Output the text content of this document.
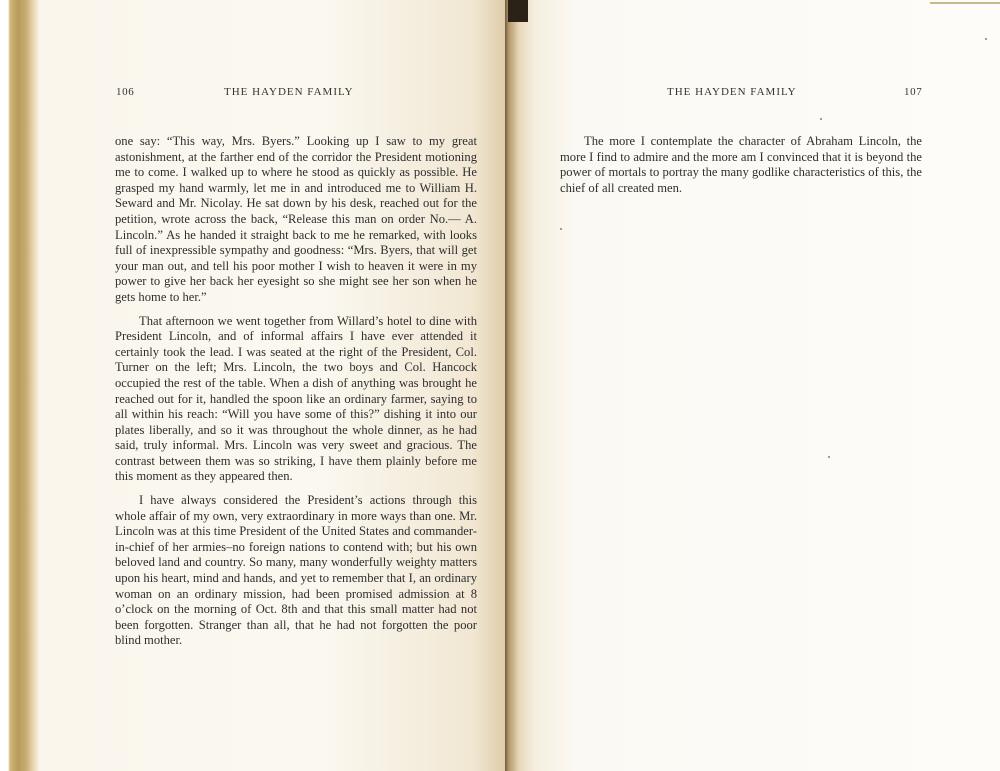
106	THE HAYDEN FAMILY	THE HAYDEN FAMILY	107

one say: “This way, Mrs. Byers.” Looking up I saw to my great astonishment, at the farther end of the corridor the President motioning me to come. I walked up to where he stood as quickly as possible. He grasped my hand warmly, let me in and introduced me to William H. Seward and Mr. Nicolay. He sat down by his desk, reached out for the petition, wrote across the back, “Release this man on order No.— A. Lincoln.” As he handed it straight back to me he remarked, with looks full of inexpressible sympathy and goodness: “Mrs. Byers, that will get your man out, and tell his poor mother I wish to heaven it were in my power to give her back her eyesight so she might see her son when he gets home to her.”

That afternoon we went together from Willard’s hotel to dine with President Lincoln, and of informal affairs I have ever attended it certainly took the lead. I was seated at the right of the President, Col. Turner on the left; Mrs. Lincoln, the two boys and Col. Hancock occupied the rest of the table. When a dish of anything was brought he reached out for it, handled the spoon like an ordinary farmer, saying to all within his reach: “Will you have some of this?” dishing it into our plates liberally, and so it was throughout the whole dinner, as he had said, truly informal. Mrs. Lincoln was very sweet and gracious. The contrast between them was so striking, I have them plainly before me this moment as they appeared then.

I have always considered the President’s actions through this whole affair of my own, very extraordinary in more ways than one. Mr. Lincoln was at this time President of the United States and commander-in-chief of her armies–no foreign nations to contend with; but his own beloved land and country. So many, many wonderfully weighty matters upon his heart, mind and hands, and yet to remember that I, an ordinary woman on an ordinary mission, had been promised admission at 8 o’clock on the morning of Oct. 8th and that this small matter had not been forgotten. Stranger than all, that he had not forgotten the poor blind mother.

The more I contemplate the character of Abraham Lincoln, the more I find to admire and the more am I convinced that it is beyond the power of mortals to portray the many godlike characteristics of this, the chief of all created men.
